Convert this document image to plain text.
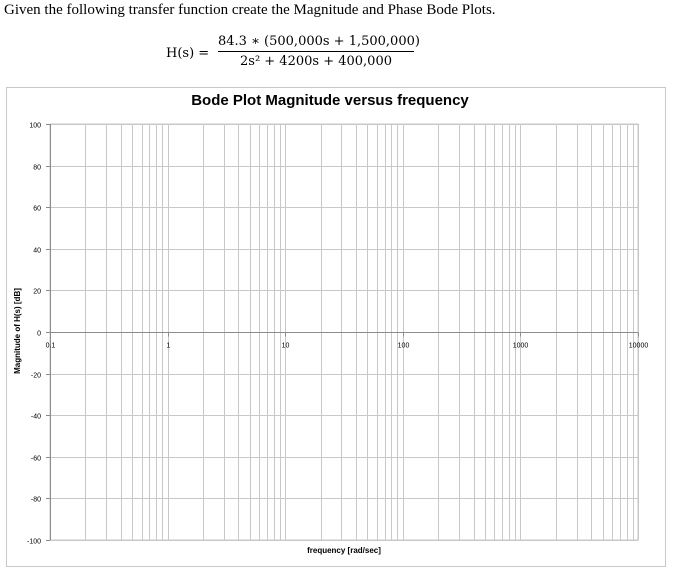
Given the following transfer function create the Magnitude and Phase Bode Plots.
$H(s) = \frac{84.3 ∗ (500,000s + 1,500,000)}{\text{2s² + 4200s + 400,000}}$
100
80
60
40
20
0
-20
-40
-60
-80
-100
0.1	1	10	100	1000	10000
Bode Plot Magnitude versus frequency
frequency [rad/sec]
Magnitude of H(s) [dB]
